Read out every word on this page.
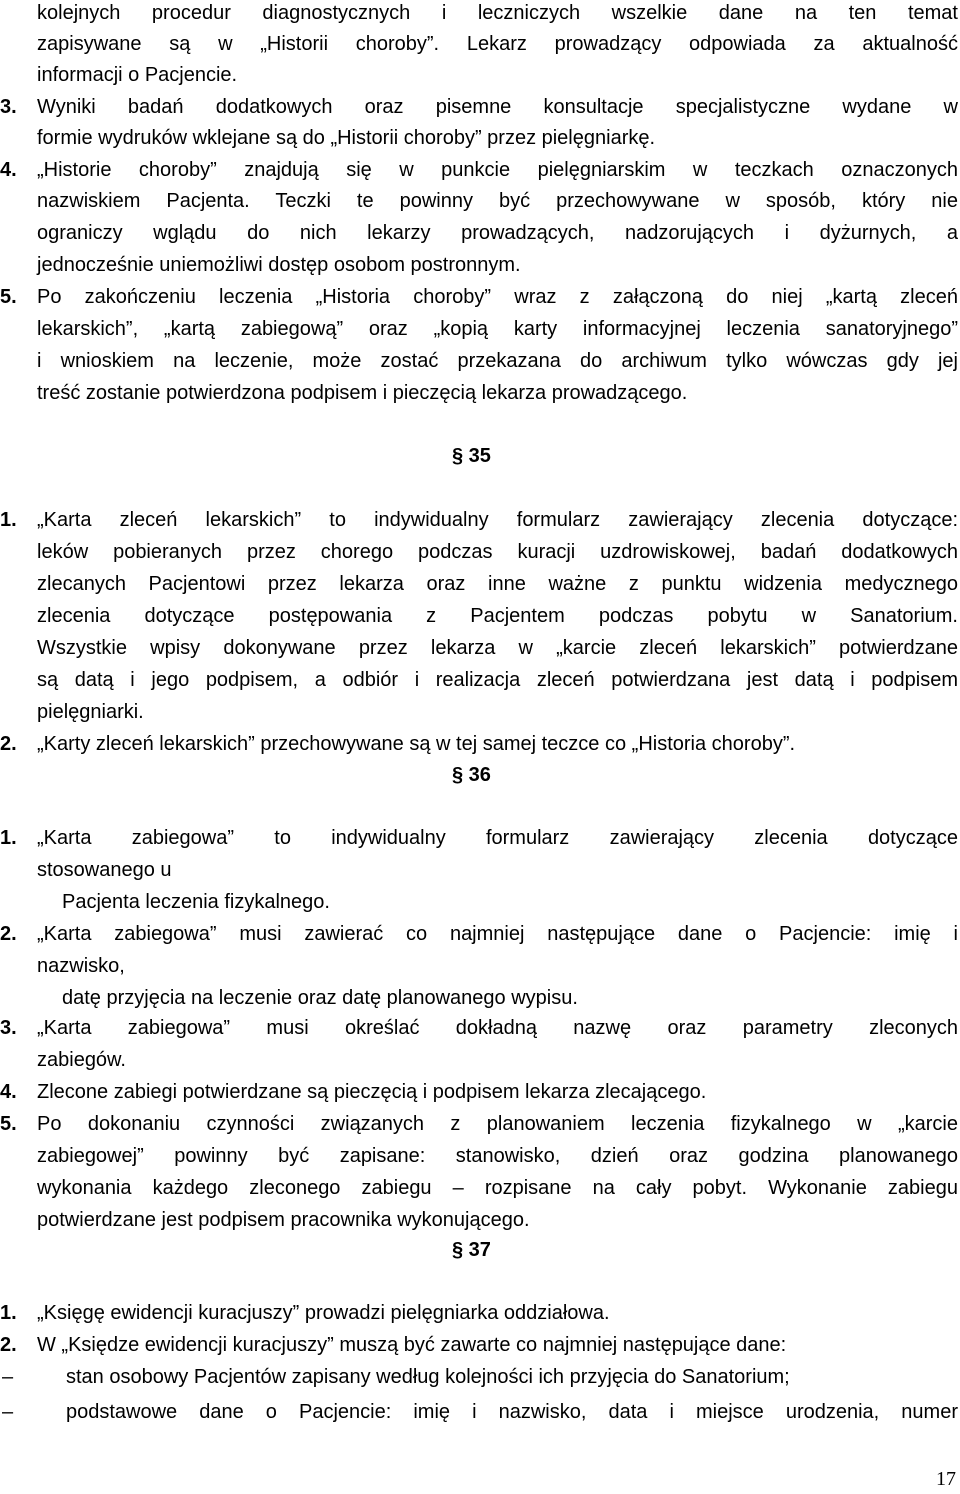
kolejnych procedur diagnostycznych i leczniczych wszelkie dane na ten temat
zapisywane są w „Historii choroby”. Lekarz prowadzący odpowiada za aktualność
informacji o Pacjencie.
3. Wyniki badań dodatkowych oraz pisemne konsultacje specjalistyczne wydane w
formie wydruków wklejane są do „Historii choroby” przez pielęgniarkę.
4. „Historie choroby” znajdują się w punkcie pielęgniarskim w teczkach oznaczonych
nazwiskiem Pacjenta. Teczki te powinny być przechowywane w sposób, który nie
ograniczy wglądu do nich lekarzy prowadzących, nadzorujących i dyżurnych, a
jednocześnie uniemożliwi dostęp osobom postronnym.
5. Po zakończeniu leczenia „Historia choroby” wraz z załączoną do niej „kartą zleceń
lekarskich”, „kartą zabiegową” oraz „kopią karty informacyjnej leczenia sanatoryjnego”
i wnioskiem na leczenie, może zostać przekazana do archiwum tylko wówczas gdy jej
treść zostanie potwierdzona podpisem i pieczęcią lekarza prowadzącego.
§ 35
1. „Karta zleceń lekarskich” to indywidualny formularz zawierający zlecenia dotyczące:
leków pobieranych przez chorego podczas kuracji uzdrowiskowej, badań dodatkowych
zlecanych Pacjentowi przez lekarza oraz inne ważne z punktu widzenia medycznego
zlecenia dotyczące postępowania z Pacjentem podczas pobytu w Sanatorium.
Wszystkie wpisy dokonywane przez lekarza w „karcie zleceń lekarskich” potwierdzane
są datą i jego podpisem, a odbiór i realizacja zleceń potwierdzana jest datą i podpisem
pielęgniarki.
2. „Karty zleceń lekarskich” przechowywane są w tej samej teczce co „Historia choroby”.
§ 36
1. „Karta zabiegowa” to indywidualny formularz zawierający zlecenia dotyczące
stosowanego u
Pacjenta leczenia fizykalnego.
2. „Karta zabiegowa” musi zawierać co najmniej następujące dane o Pacjencie: imię i
nazwisko,
datę przyjęcia na leczenie oraz datę planowanego wypisu.
3. „Karta zabiegowa” musi określać dokładną nazwę oraz parametry zleconych
zabiegów.
4. Zlecone zabiegi potwierdzane są pieczęcią i podpisem lekarza zlecającego.
5. Po dokonaniu czynności związanych z planowaniem leczenia fizykalnego w „karcie
zabiegowej” powinny być zapisane: stanowisko, dzień oraz godzina planowanego
wykonania każdego zleconego zabiegu – rozpisane na cały pobyt. Wykonanie zabiegu
potwierdzane jest podpisem pracownika wykonującego.
§ 37
1. „Księgę ewidencji kuracjuszy” prowadzi pielęgniarka oddziałowa.
2. W „Księdze ewidencji kuracjuszy” muszą być zawarte co najmniej następujące dane:
–	stan osobowy Pacjentów zapisany według kolejności ich przyjęcia do Sanatorium;
–	podstawowe dane o Pacjencie: imię i nazwisko, data i miejsce urodzenia, numer
17
